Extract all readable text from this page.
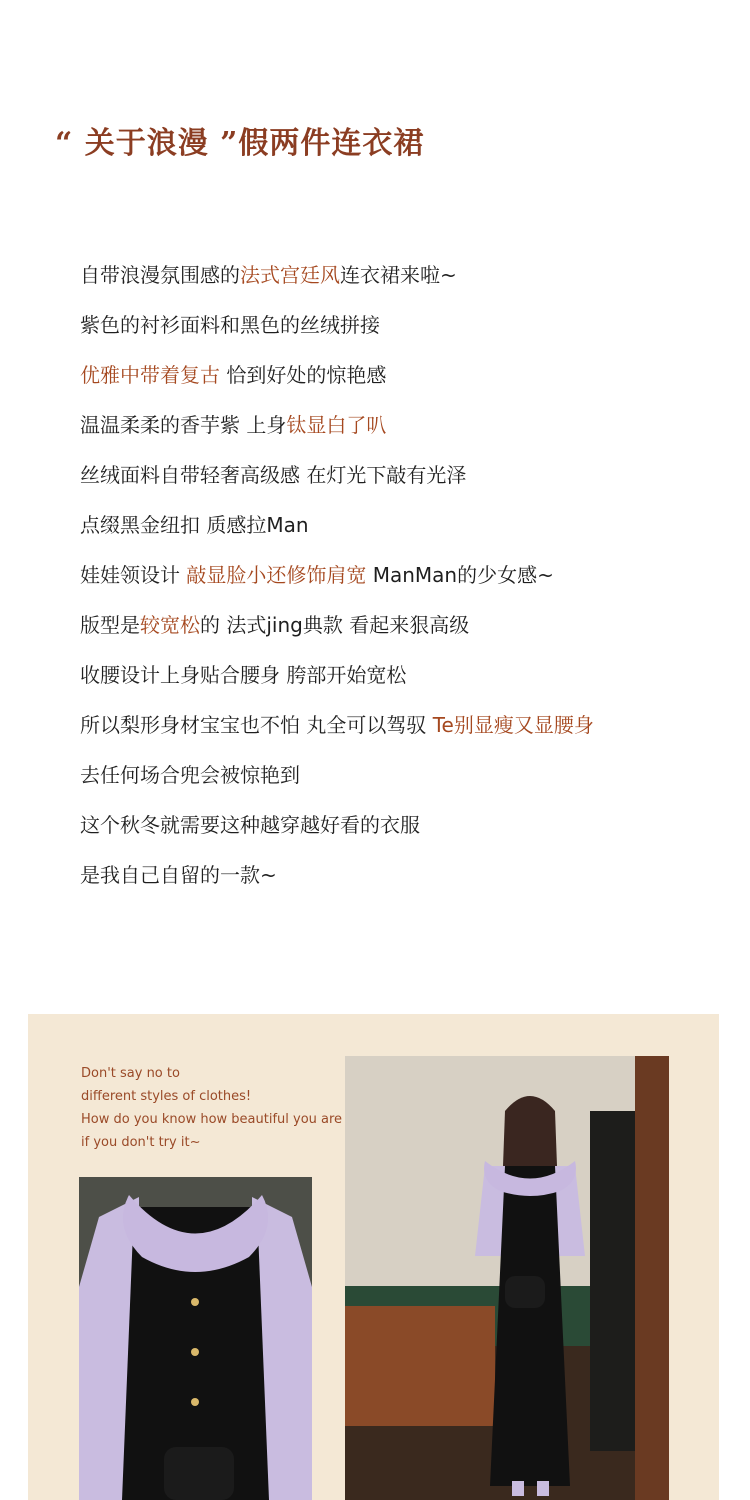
“ 关于浪漫 ”假两件连衣裙
自带浪漫氛围感的法式宫廷风连衣裙来啦~
紫色的衬衫面料和黑色的丝绒拼接
优雅中带着复古 恰到好处的惊艳感
温温柔柔的香芋紫 上身钛显白了叭
丝绒面料自带轻奢高级感 在灯光下敲有光泽
点缀黑金纽扣 质感拉Man
娃娃领设计 敲显脸小还修饰肩宽 ManMan的少女感~
版型是较宽松的 法式jing典款 看起来狠高级
收腰设计上身贴合腰身 胯部开始宽松
所以梨形身材宝宝也不怕 丸全可以驾驭 Te别显瘦又显腰身
去任何场合兜会被惊艳到
这个秋冬就需要这种越穿越好看的衣服
是我自己自留的一款~
Don't say no to
different styles of clothes!
How do you know how beautiful you are
if you don't try it~
